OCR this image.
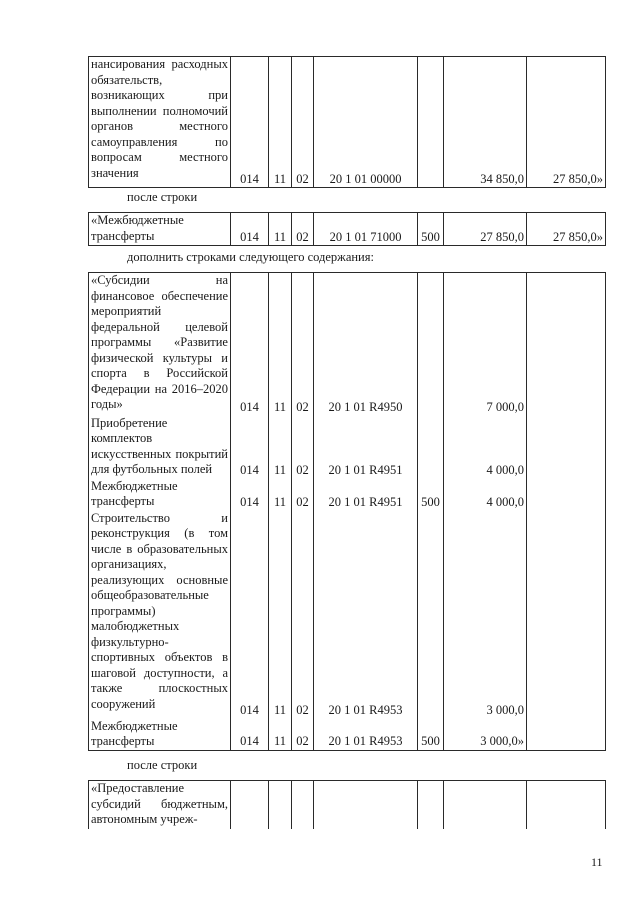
нансирования расходных обязательств, возникающих при выполнении полномочий органов местного самоуправления по вопросам местного значения	014	11	02	20 1 01 00000		34 850,0	27 850,0»
после строки
«Межбюджетные трансферты	014	11	02	20 1 01 71000	500	27 850,0	27 850,0»
дополнить строками следующего содержания:
«Субсидии на финансовое обеспечение мероприятий федеральной целевой программы «Развитие физической культуры и спорта в Российской Федерации на 2016–2020 годы»	014	11	02	20 1 01 R4950		7 000,0	
Приобретение комплектов искусственных покрытий для футбольных полей	014	11	02	20 1 01 R4951		4 000,0	
Межбюджетные трансферты	014	11	02	20 1 01 R4951	500	4 000,0	
Строительство и реконструкция (в том числе в образовательных организациях, реализующих основные общеобразовательные программы) малобюджетных физкультурно-спортивных объектов в шаговой доступности, а также плоскостных сооружений	014	11	02	20 1 01 R4953		3 000,0	
Межбюджетные трансферты	014	11	02	20 1 01 R4953	500	3 000,0»	
после строки
«Предоставление субсидий бюджетным, автономным учреж-							
11
